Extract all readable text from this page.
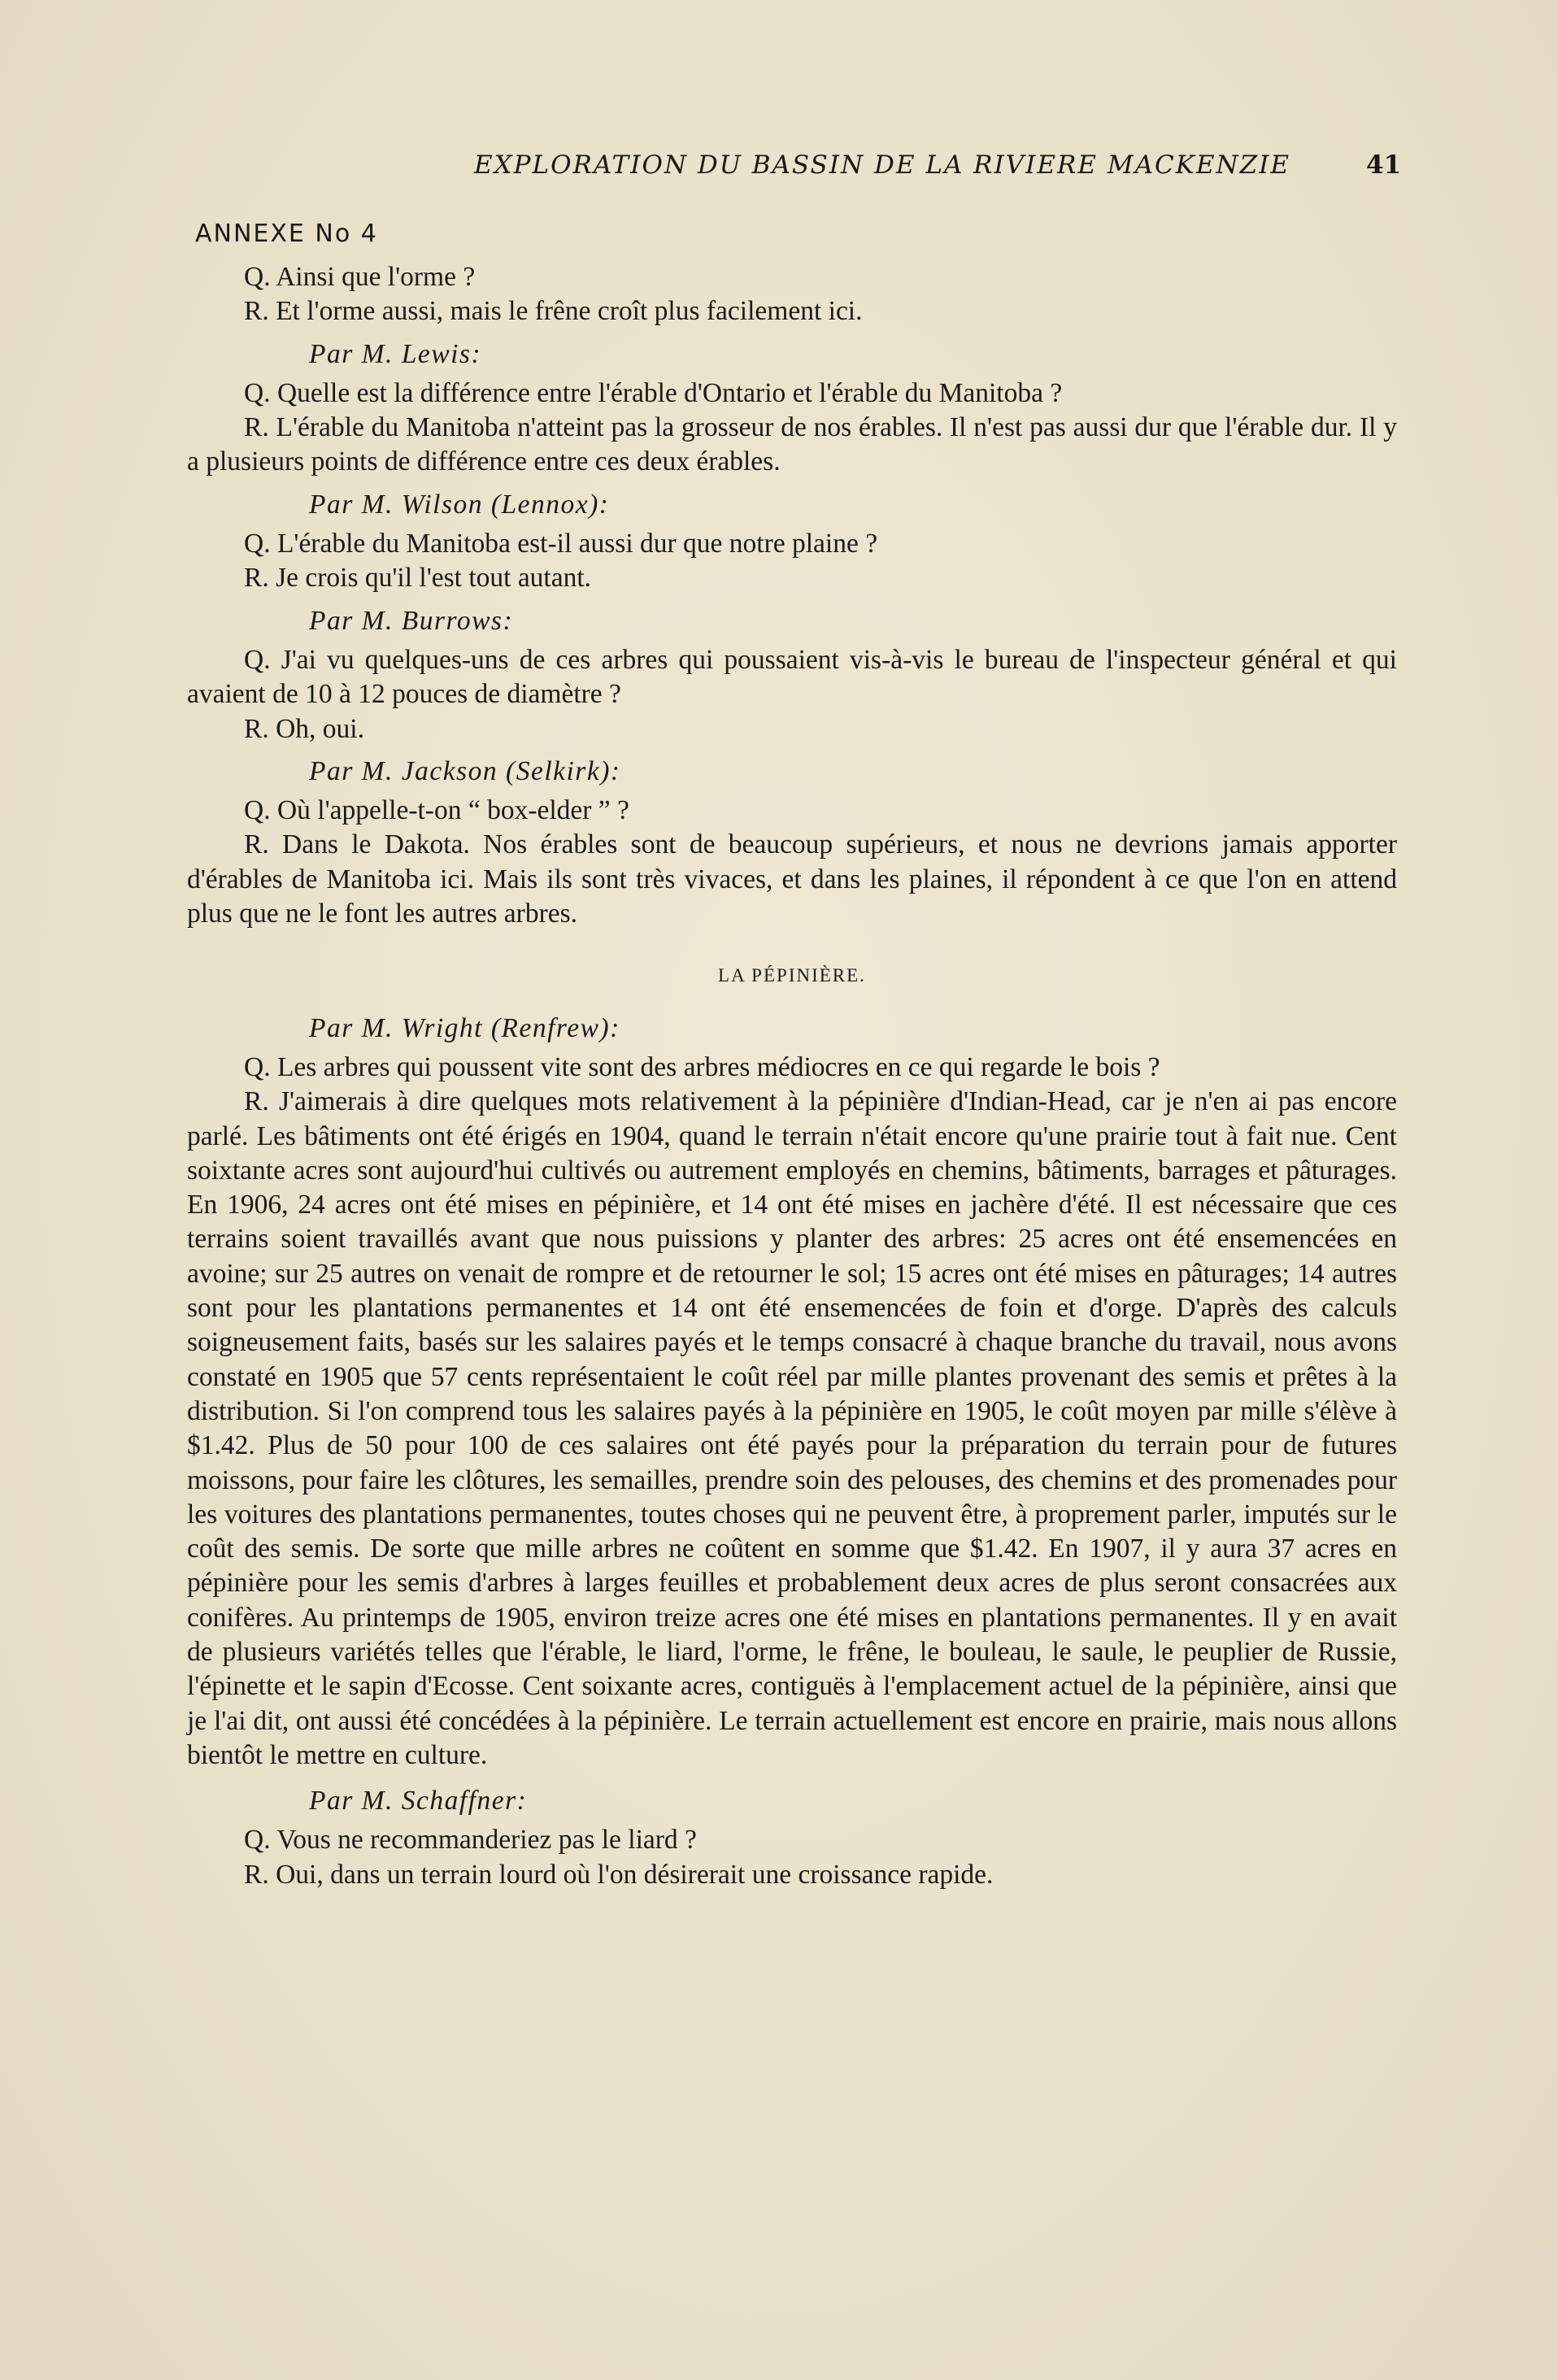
EXPLORATION DU BASSIN DE LA RIVIERE MACKENZIE	41
ANNEXE No 4

Q. Ainsi que l'orme ?

R. Et l'orme aussi, mais le frêne croît plus facilement ici.

Par M. Lewis:

Q. Quelle est la différence entre l'érable d'Ontario et l'érable du Manitoba ?

R. L'érable du Manitoba n'atteint pas la grosseur de nos érables. Il n'est pas aussi dur que l'érable dur. Il y a plusieurs points de différence entre ces deux érables.

Par M. Wilson (Lennox):

Q. L'érable du Manitoba est-il aussi dur que notre plaine ?

R. Je crois qu'il l'est tout autant.

Par M. Burrows:

Q. J'ai vu quelques-uns de ces arbres qui poussaient vis-à-vis le bureau de l'inspecteur général et qui avaient de 10 à 12 pouces de diamètre ?

R. Oh, oui.

Par M. Jackson (Selkirk):

Q. Où l'appelle-t-on “ box-elder ” ?

R. Dans le Dakota. Nos érables sont de beaucoup supérieurs, et nous ne devrions jamais apporter d'érables de Manitoba ici. Mais ils sont très vivaces, et dans les plaines, il répondent à ce que l'on en attend plus que ne le font les autres arbres.

LA PÉPINIÈRE.
Par M. Wright (Renfrew):

Q. Les arbres qui poussent vite sont des arbres médiocres en ce qui regarde le bois ?

R. J'aimerais à dire quelques mots relativement à la pépinière d'Indian-Head, car je n'en ai pas encore parlé. Les bâtiments ont été érigés en 1904, quand le terrain n'était encore qu'une prairie tout à fait nue. Cent soixtante acres sont aujourd'hui cultivés ou autrement employés en chemins, bâtiments, barrages et pâturages. En 1906, 24 acres ont été mises en pépinière, et 14 ont été mises en jachère d'été. Il est nécessaire que ces terrains soient travaillés avant que nous puissions y planter des arbres: 25 acres ont été ensemencées en avoine; sur 25 autres on venait de rompre et de retourner le sol; 15 acres ont été mises en pâturages; 14 autres sont pour les plantations permanentes et 14 ont été ensemencées de foin et d'orge. D'après des calculs soigneusement faits, basés sur les salaires payés et le temps consacré à chaque branche du travail, nous avons constaté en 1905 que 57 cents représentaient le coût réel par mille plantes provenant des semis et prêtes à la distribution. Si l'on comprend tous les salaires payés à la pépinière en 1905, le coût moyen par mille s'élève à $1.42. Plus de 50 pour 100 de ces salaires ont été payés pour la préparation du terrain pour de futures moissons, pour faire les clôtures, les semailles, prendre soin des pelouses, des chemins et des promenades pour les voitures des plantations permanentes, toutes choses qui ne peuvent être, à proprement parler, imputés sur le coût des semis. De sorte que mille arbres ne coûtent en somme que $1.42. En 1907, il y aura 37 acres en pépinière pour les semis d'arbres à larges feuilles et probablement deux acres de plus seront consacrées aux conifères. Au printemps de 1905, environ treize acres one été mises en plantations permanentes. Il y en avait de plusieurs variétés telles que l'érable, le liard, l'orme, le frêne, le bouleau, le saule, le peuplier de Russie, l'épinette et le sapin d'Ecosse. Cent soixante acres, contiguës à l'emplacement actuel de la pépinière, ainsi que je l'ai dit, ont aussi été concédées à la pépinière. Le terrain actuellement est encore en prairie, mais nous allons bientôt le mettre en culture.

Par M. Schaffner:

Q. Vous ne recommanderiez pas le liard ?

R. Oui, dans un terrain lourd où l'on désirerait une croissance rapide.
